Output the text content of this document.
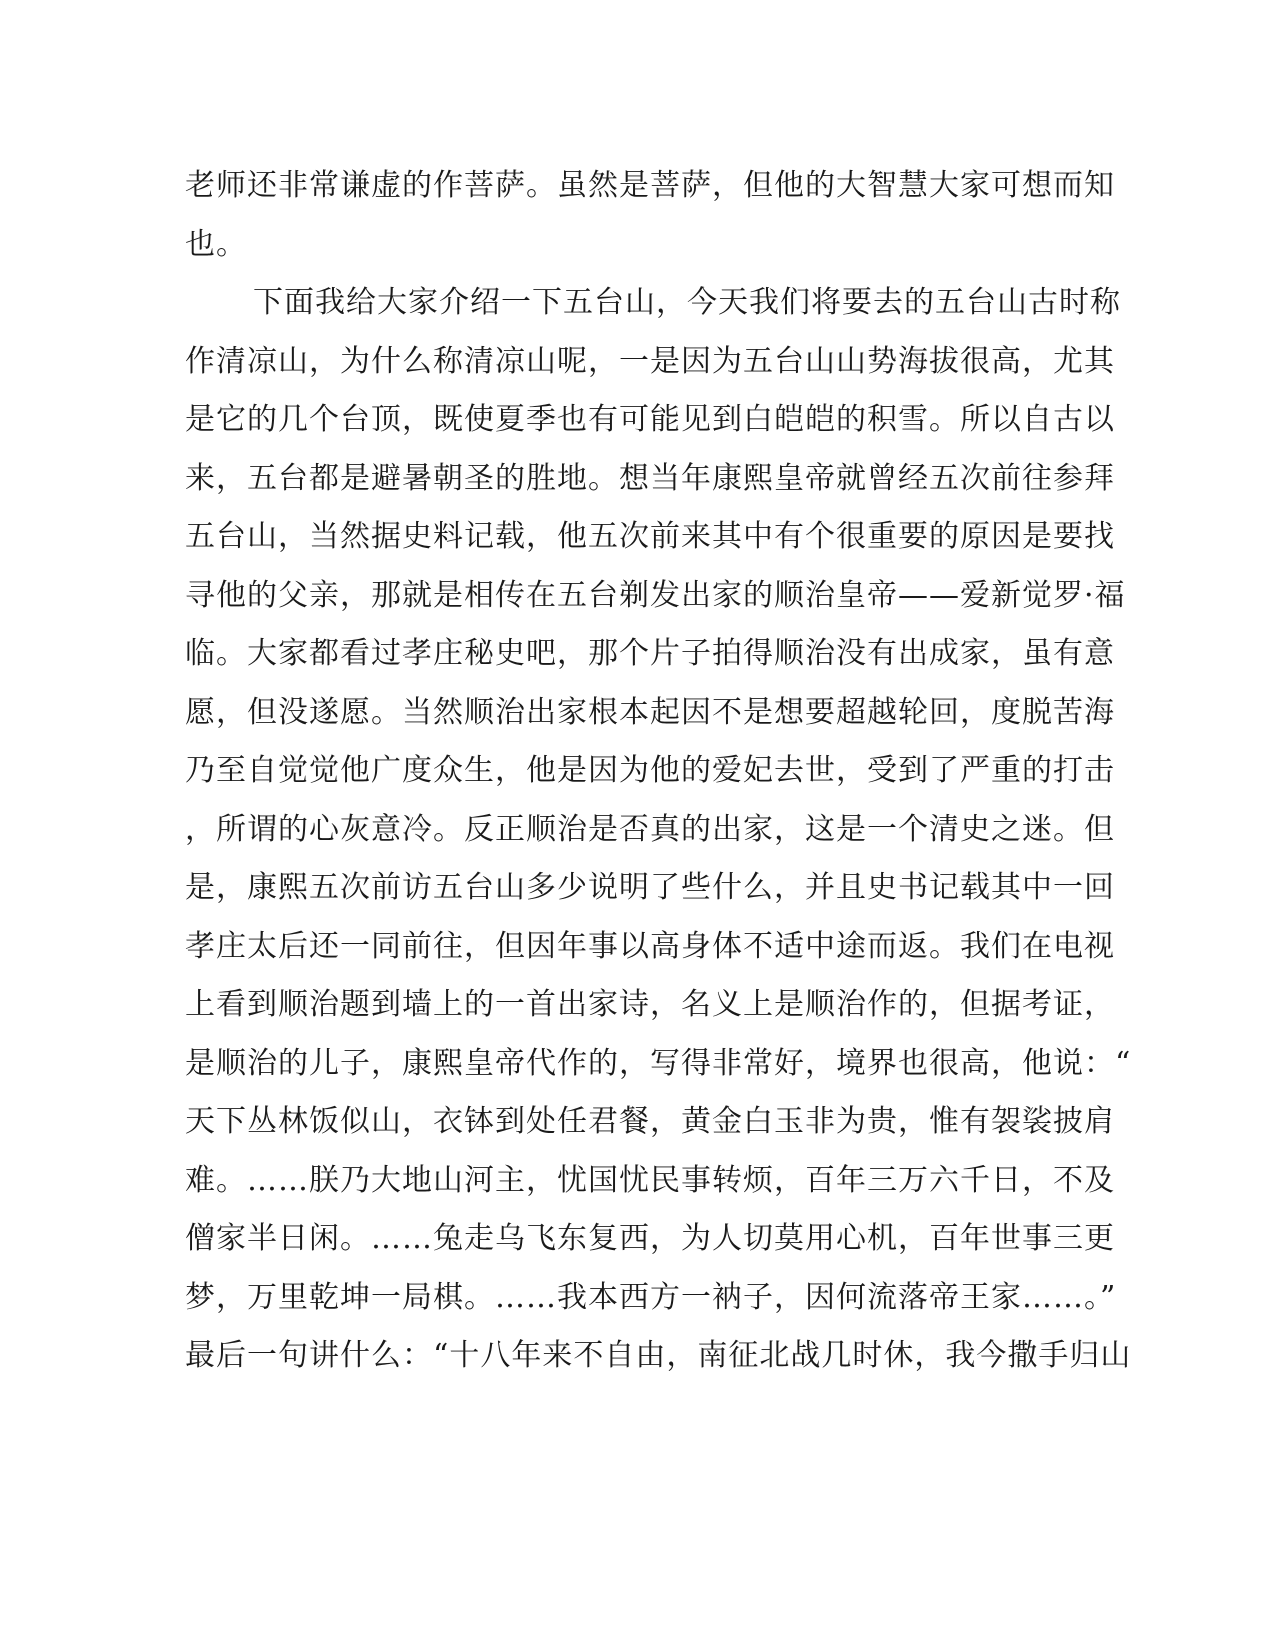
老师还非常谦虚的作菩萨。虽然是菩萨，但他的大智慧大家可想而知
也。
下面我给大家介绍一下五台山，今天我们将要去的五台山古时称
作清凉山，为什么称清凉山呢，一是因为五台山山势海拔很高，尤其
是它的几个台顶，既使夏季也有可能见到白皑皑的积雪。所以自古以
来，五台都是避暑朝圣的胜地。想当年康熙皇帝就曾经五次前往参拜
五台山，当然据史料记载，他五次前来其中有个很重要的原因是要找
寻他的父亲，那就是相传在五台剃发出家的顺治皇帝——爱新觉罗·福
临。大家都看过孝庄秘史吧，那个片子拍得顺治没有出成家，虽有意
愿，但没遂愿。当然顺治出家根本起因不是想要超越轮回，度脱苦海
乃至自觉觉他广度众生，他是因为他的爱妃去世，受到了严重的打击
，所谓的心灰意冷。反正顺治是否真的出家，这是一个清史之迷。但
是，康熙五次前访五台山多少说明了些什么，并且史书记载其中一回
孝庄太后还一同前往，但因年事以高身体不适中途而返。我们在电视
上看到顺治题到墙上的一首出家诗，名义上是顺治作的，但据考证，
是顺治的儿子，康熙皇帝代作的，写得非常好，境界也很高，他说：“
天下丛林饭似山，衣钵到处任君餐，黄金白玉非为贵，惟有袈裟披肩
难。……朕乃大地山河主，忧国忧民事转烦，百年三万六千日，不及
僧家半日闲。……兔走乌飞东复西，为人切莫用心机，百年世事三更
梦，万里乾坤一局棋。……我本西方一衲子，因何流落帝王家……。”
最后一句讲什么：“十八年来不自由，南征北战几时休，我今撒手归山
